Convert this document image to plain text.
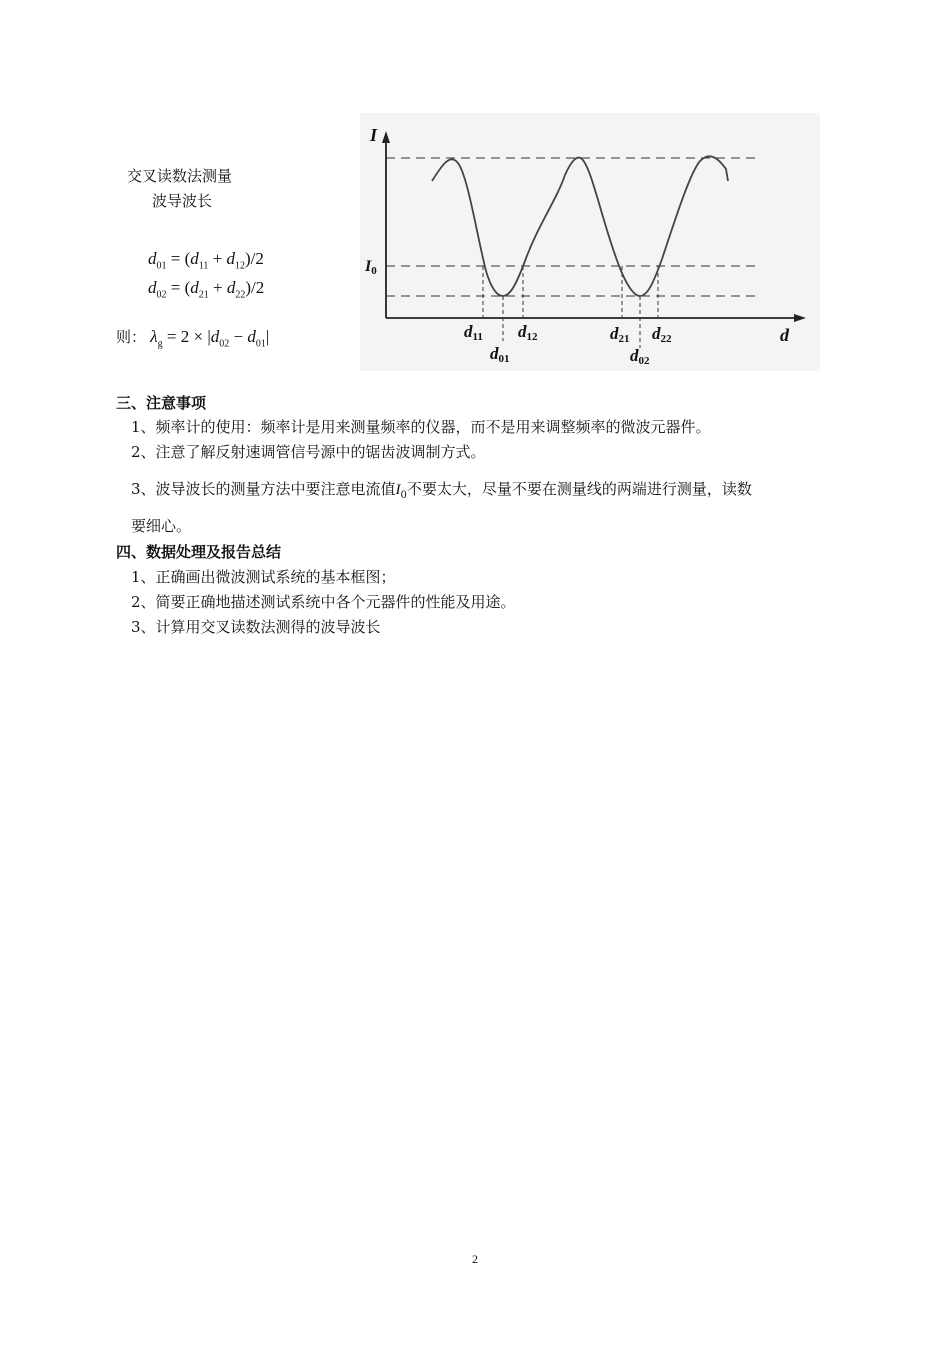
交叉读数法测量
波导波长
$d_{01} = (d_{11} + d_{12})/2$
$d_{02} = (d_{21} + d_{22})/2$
则： $\lambda_g = 2 \times |d_{02} - d_{01}|$
I
d
I0
d11 d12
d01
d21 d22
d02
三、注意事项
1、频率计的使用：频率计是用来测量频率的仪器，而不是用来调整频率的微波元器件。
2、注意了解反射速调管信号源中的锯齿波调制方式。
3、波导波长的测量方法中要注意电流值$I_0$不要太大，尽量不要在测量线的两端进行测量，读数
要细心。
四、数据处理及报告总结
1、正确画出微波测试系统的基本框图；
2、简要正确地描述测试系统中各个元器件的性能及用途。
3、计算用交叉读数法测得的波导波长
2
